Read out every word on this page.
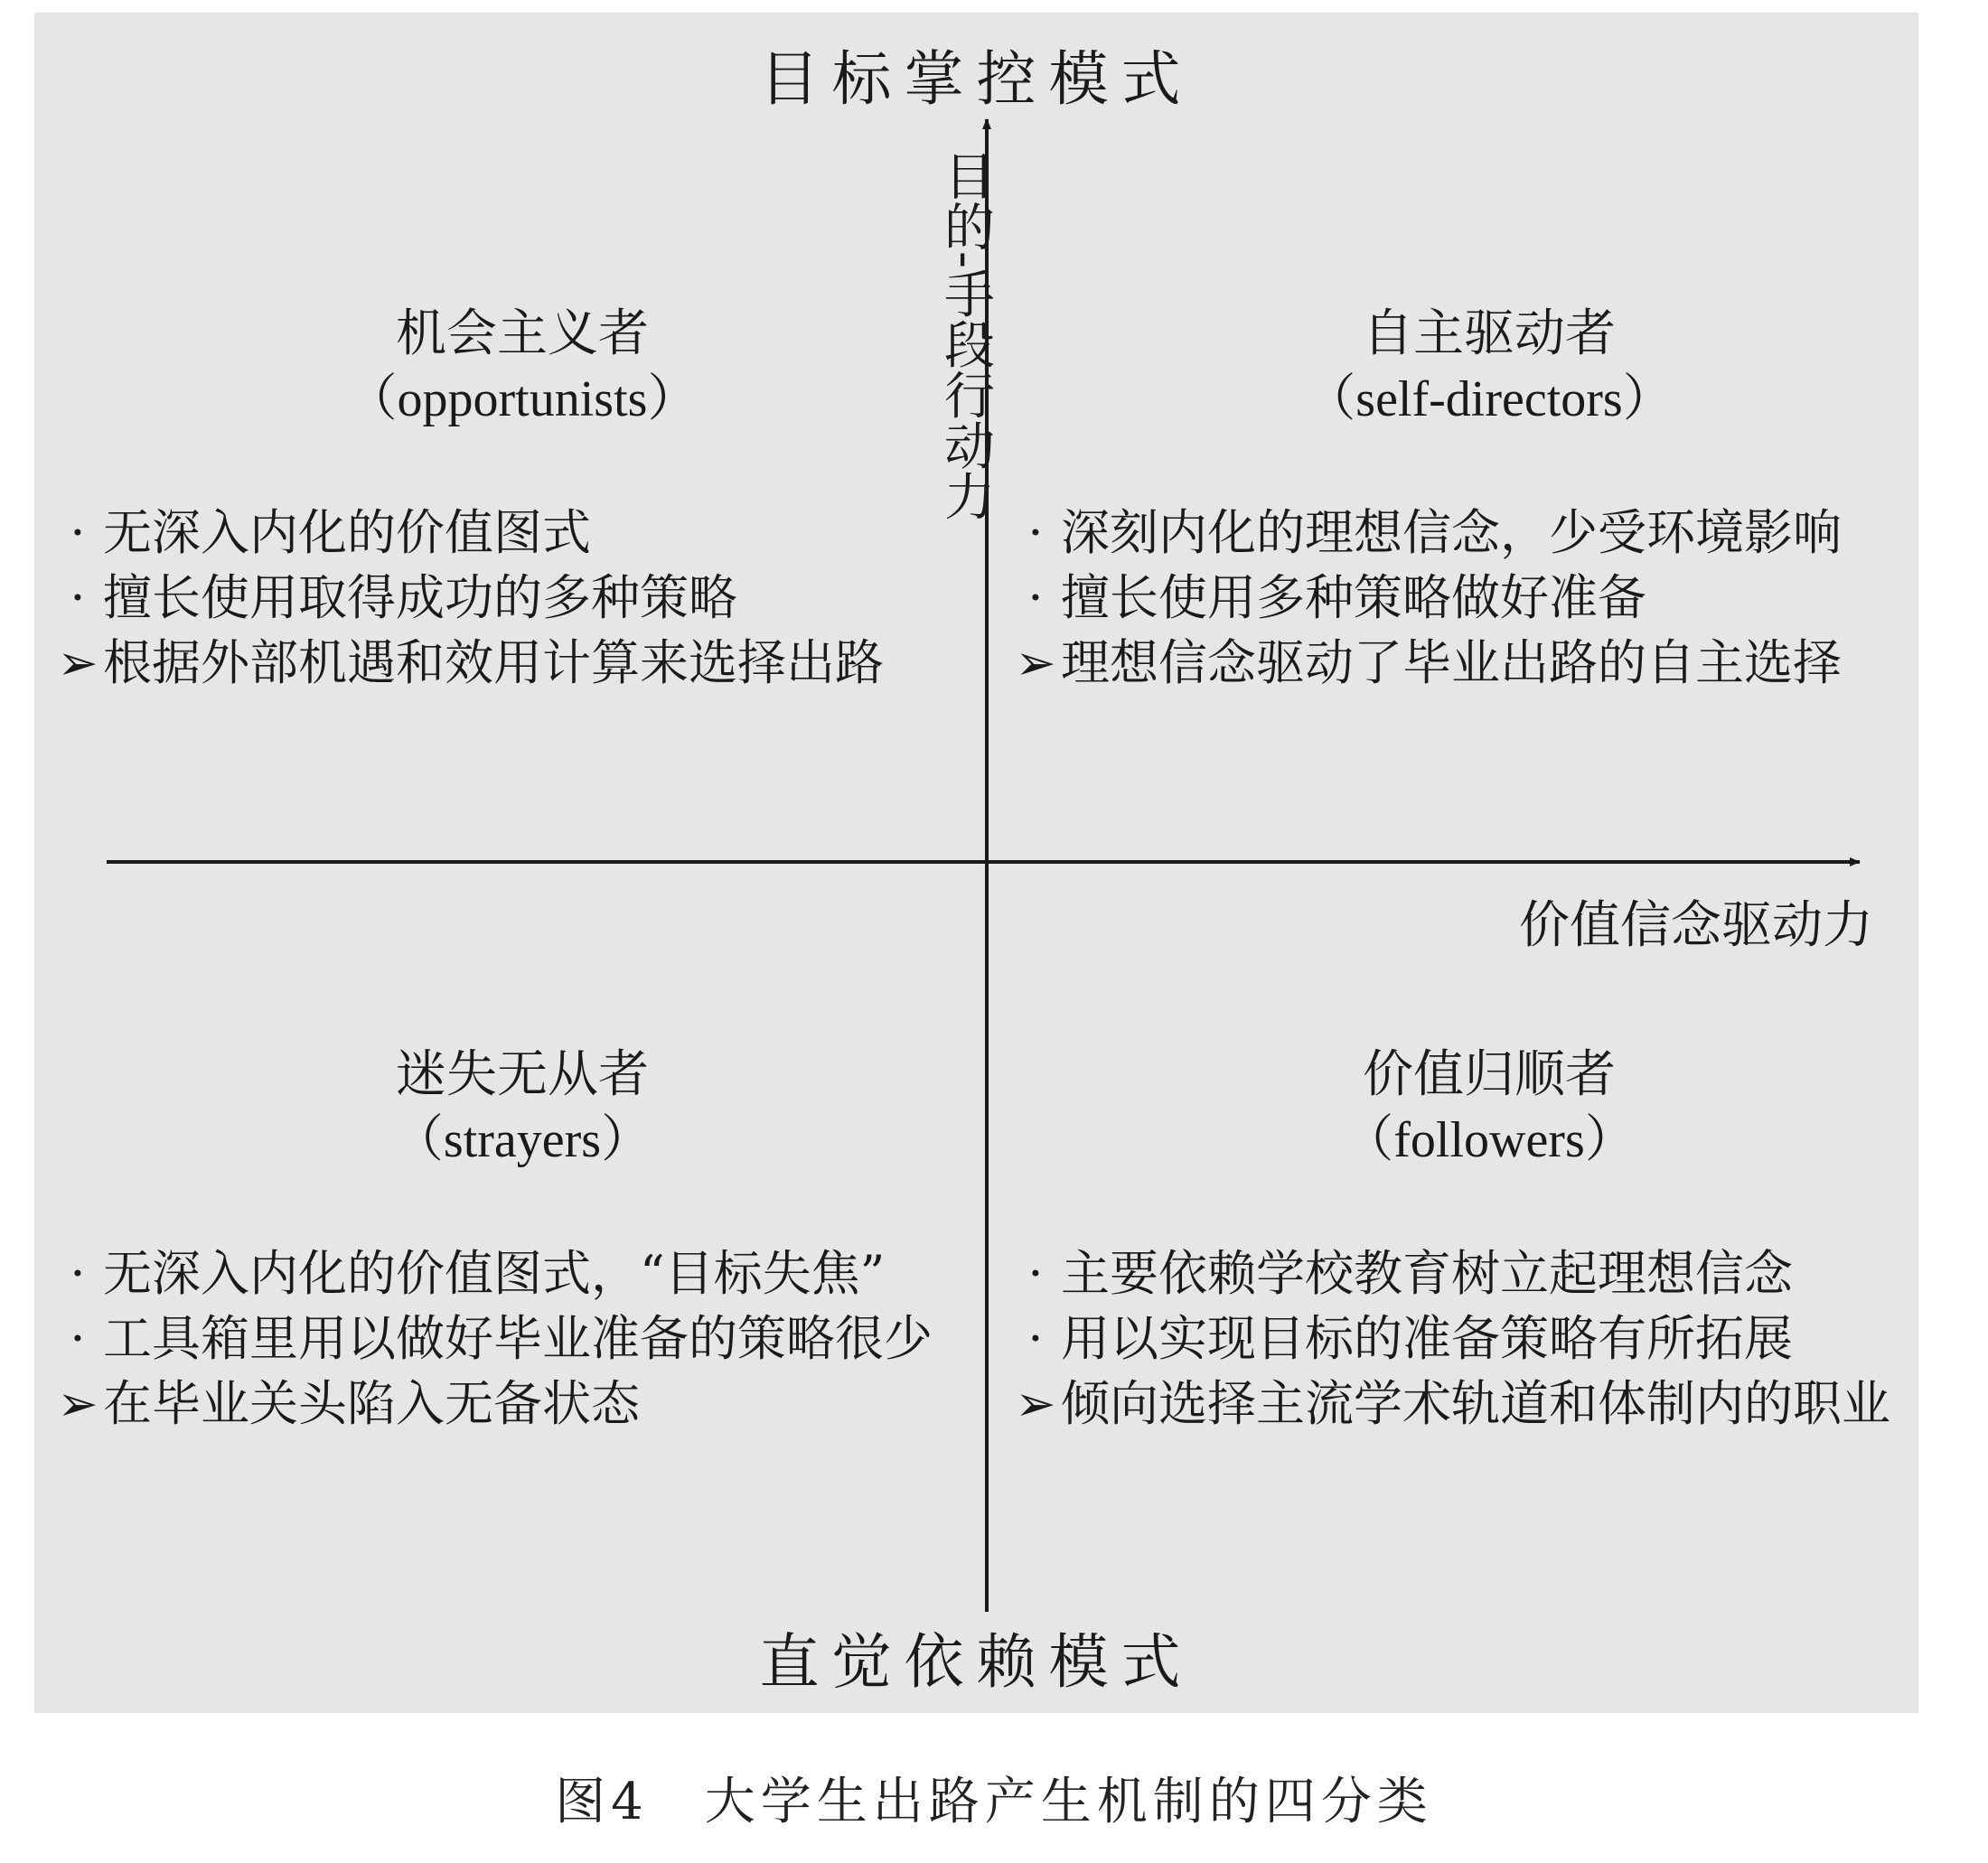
目标掌控模式
目的-手段行动力
价值信念驱动力
机会主义者
（opportunists）
· 无深入内化的价值图式
· 擅长使用取得成功的多种策略
➢根据外部机遇和效用计算来选择出路
自主驱动者
（self-directors）
· 深刻内化的理想信念，少受环境影响
· 擅长使用多种策略做好准备
➢理想信念驱动了毕业出路的自主选择
迷失无从者
（strayers）
· 无深入内化的价值图式，“目标失焦”
· 工具箱里用以做好毕业准备的策略很少
➢在毕业关头陷入无备状态
价值归顺者
（followers）
· 主要依赖学校教育树立起理想信念
· 用以实现目标的准备策略有所拓展
➢倾向选择主流学术轨道和体制内的职业
直觉依赖模式
图4　大学生出路产生机制的四分类
